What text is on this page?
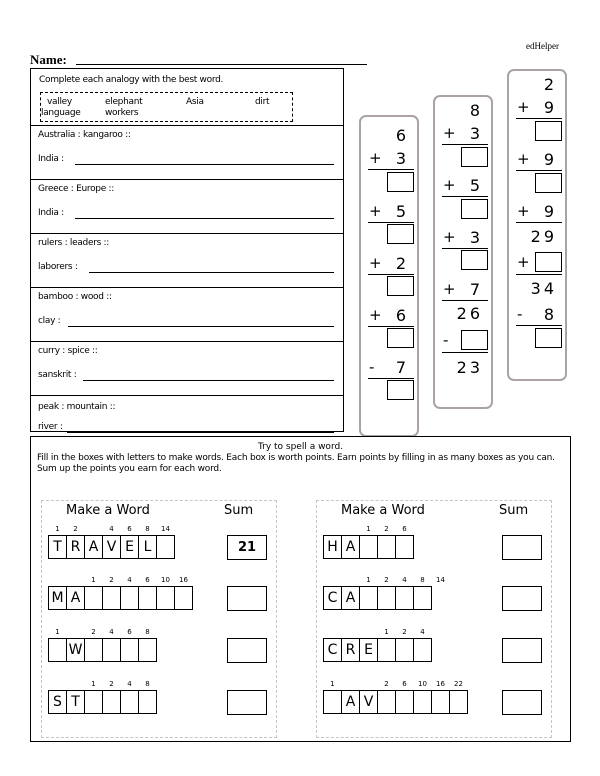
edHelper
Name:
Complete each analogy with the best word.
valley	elephant	Asia	dirt
language	workers
Australia : kangaroo ::
India :
Greece : Europe ::
India :
rulers : leaders ::
laborers :
bamboo : wood ::
clay :
curry : spice ::
sanskrit :
peak : mountain ::
river :
6
+ 3
+ 5
+ 2
+ 6
- 7
8
+ 3
+ 5
+ 3
+ 7
26
-
23
2
+ 9
+ 9
+ 9
29
+
34
- 8
Try to spell a word.
Fill in the boxes with letters to make words. Each box is worth points. Earn points by filling in as many boxes as you can. Sum up the points you earn for each word.
Make a Word	Sum
1	2	4	6	8	14
T R A V E L	21
1	2	4	6	10	16
M A
1	2	4	6	8
W
1	2	4	8
S T
Make a Word	Sum
1	2	6
H A
1	2	4	8	14
C A
1	2	4
C R E
1	2	6	10	16	22
A V
